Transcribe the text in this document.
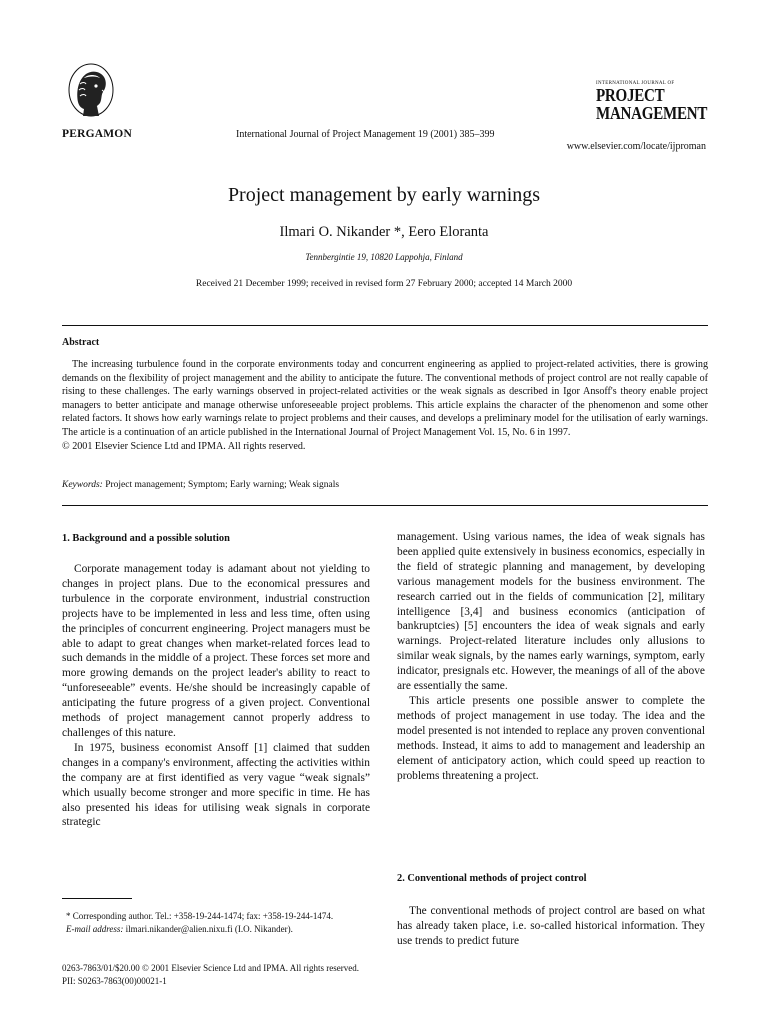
PERGAMON	International Journal of Project Management 19 (2001) 385–399
INTERNATIONAL JOURNAL OF
PROJECT
MANAGEMENT
www.elsevier.com/locate/ijproman
Project management by early warnings
Ilmari O. Nikander *, Eero Eloranta
Tennbergintie 19, 10820 Lappohja, Finland
Received 21 December 1999; received in revised form 27 February 2000; accepted 14 March 2000
Abstract

The increasing turbulence found in the corporate environments today and concurrent engineering as applied to project-related activities, there is growing demands on the flexibility of project management and the ability to anticipate the future. The conventional methods of project control are not really capable of rising to these challenges. The early warnings observed in project-related activities or the weak signals as described in Igor Ansoff's theory enable project managers to better anticipate and manage otherwise unforeseeable project problems. This article explains the character of the phenomenon and some other related factors. It shows how early warnings relate to project problems and their causes, and develops a preliminary model for the utilisation of early warnings. The article is a continuation of an article published in the International Journal of Project Management Vol. 15, No. 6 in 1997.

© 2001 Elsevier Science Ltd and IPMA. All rights reserved.
Keywords: Project management; Symptom; Early warning; Weak signals
1. Background and a possible solution

Corporate management today is adamant about not yielding to changes in project plans. Due to the economical pressures and turbulence in the corporate environment, industrial construction projects have to be implemented in less and less time, often using the principles of concurrent engineering. Project managers must be able to adapt to great changes when market-related forces lead to such demands in the middle of a project. These forces set more and more growing demands on the project leader's ability to react to “unforeseeable” events. He/she should be increasingly capable of anticipating the future progress of a given project. Conventional methods of project management cannot properly address to challenges of this nature.

In 1975, business economist Ansoff [1] claimed that sudden changes in a company's environment, affecting the activities within the company are at first identified as very vague “weak signals” which usually become stronger and more specific in time. He has also presented his ideas for utilising weak signals in corporate strategic

* Corresponding author. Tel.: +358-19-244-1474; fax: +358-19-244-1474.

E-mail address: ilmari.nikander@alien.nixu.fi (I.O. Nikander).

management. Using various names, the idea of weak signals has been applied quite extensively in business economics, especially in the field of strategic planning and management, by developing various management models for the business environment. The research carried out in the fields of communication [2], military intelligence [3,4] and business economics (anticipation of bankruptcies) [5] encounters the idea of weak signals and early warnings. Project-related literature includes only allusions to similar weak signals, by the names early warnings, symptom, early indicator, presignals etc. However, the meanings of all of the above are essentially the same.

This article presents one possible answer to complete the methods of project management in use today. The idea and the model presented is not intended to replace any proven conventional methods. Instead, it aims to add to management and leadership an element of anticipatory action, which could speed up reaction to problems threatening a project.

2. Conventional methods of project control

The conventional methods of project control are based on what has already taken place, i.e. so-called historical information. They use trends to predict future

0263-7863/01/$20.00 © 2001 Elsevier Science Ltd and IPMA. All rights reserved.
PII: S0263-7863(00)00021-1
